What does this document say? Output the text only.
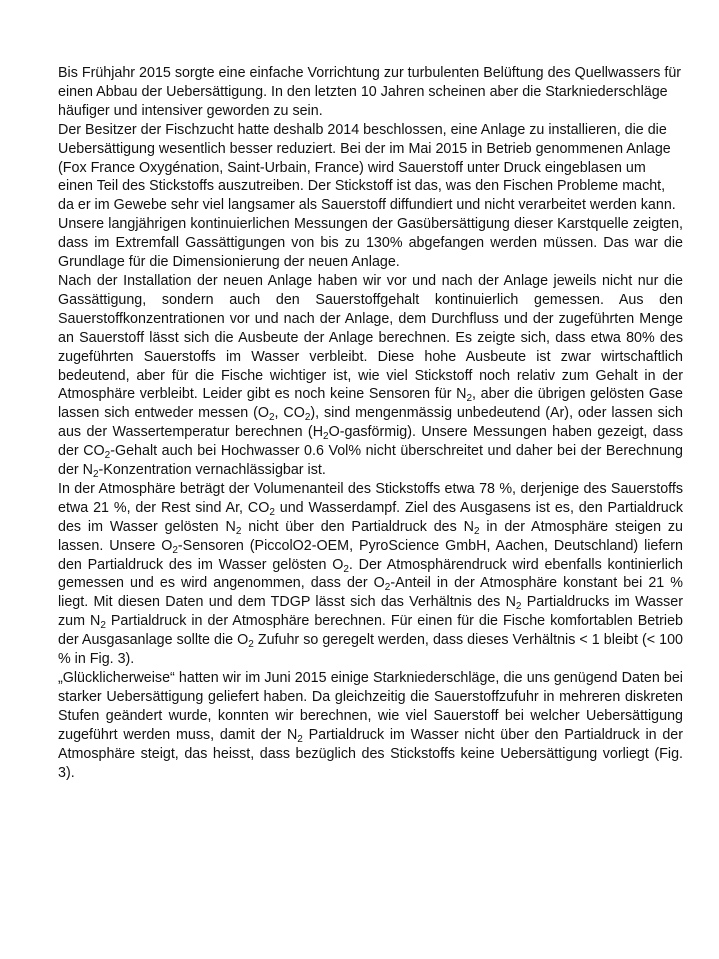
Bis Frühjahr 2015 sorgte eine einfache Vorrichtung zur turbulenten Belüftung des Quellwassers für einen Abbau der Uebersättigung. In den letzten 10 Jahren scheinen aber die Starkniederschläge häufiger und intensiver geworden zu sein.

Der Besitzer der Fischzucht hatte deshalb 2014 beschlossen, eine Anlage zu installieren, die die Uebersättigung wesentlich besser reduziert. Bei der im Mai 2015 in Betrieb genommenen Anlage (Fox France Oxygénation, Saint-Urbain, France) wird Sauerstoff unter Druck eingeblasen um einen Teil des Stickstoffs auszutreiben. Der Stickstoff ist das, was den Fischen Probleme macht, da er im Gewebe sehr viel langsamer als Sauerstoff diffundiert und nicht verarbeitet werden kann.

Unsere langjährigen kontinuierlichen Messungen der Gasübersättigung dieser Karstquelle zeigten, dass im Extremfall Gassättigungen von bis zu 130% abgefangen werden müssen. Das war die Grundlage für die Dimensionierung der neuen Anlage.

Nach der Installation der neuen Anlage haben wir vor und nach der Anlage jeweils nicht nur die Gassättigung, sondern auch den Sauerstoffgehalt kontinuierlich gemessen. Aus den Sauerstoffkonzentrationen vor und nach der Anlage, dem Durchfluss und der zugeführten Menge an Sauerstoff lässt sich die Ausbeute der Anlage berechnen. Es zeigte sich, dass etwa 80% des zugeführten Sauerstoffs im Wasser verbleibt. Diese hohe Ausbeute ist zwar wirtschaftlich bedeutend, aber für die Fische wichtiger ist, wie viel Stickstoff noch relativ zum Gehalt in der Atmosphäre verbleibt. Leider gibt es noch keine Sensoren für $N_2$, aber die übrigen gelösten Gase lassen sich entweder messen ($O_2$, $CO_2$), sind mengenmässig unbedeutend (Ar), oder lassen sich aus der Wassertemperatur berechnen $(H_2O-gasförmig)$. Unsere Messungen haben gezeigt, dass der $CO_2$-Gehalt auch bei Hochwasser 0.6 Vol% nicht überschreitet und daher bei der Berechnung der $N_2$-Konzentration vernachlässigbar ist.

In der Atmosphäre beträgt der Volumenanteil des Stickstoffs etwa 78 %, derjenige des Sauerstoffs etwa 21 %, der Rest sind Ar, $CO_2$ und Wasserdampf. Ziel des Ausgasens ist es, den Partialdruck des im Wasser gelösten $N_2$ nicht über den Partialdruck des $N_2$ in der Atmosphäre steigen zu lassen. Unsere $O_2$-Sensoren (PiccolO2-OEM, PyroScience GmbH, Aachen, Deutschland) liefern den Partialdruck des im Wasser gelösten $O_2$. Der Atmosphärendruck wird ebenfalls kontinierlich gemessen und es wird angenommen, dass der $O_2$-Anteil in der Atmosphäre konstant bei 21 % liegt. Mit diesen Daten und dem TDGP lässt sich das Verhältnis des $N_2$ Partialdrucks im Wasser zum $N_2$ Partialdruck in der Atmosphäre berechnen. Für einen für die Fische komfortablen Betrieb der Ausgasanlage sollte die $O_2$ Zufuhr so geregelt werden, dass dieses Verhältnis < 1 bleibt (< 100 % in Fig. 3).

„Glücklicherweise“ hatten wir im Juni 2015 einige Starkniederschläge, die uns genügend Daten bei starker Uebersättigung geliefert haben. Da gleichzeitig die Sauerstoffzufuhr in mehreren diskreten Stufen geändert wurde, konnten wir berechnen, wie viel Sauerstoff bei welcher Uebersättigung zugeführt werden muss, damit der $N_2$ Partialdruck im Wasser nicht über den Partialdruck in der Atmosphäre steigt, das heisst, dass bezüglich des Stickstoffs keine Uebersättigung vorliegt (Fig. 3).
